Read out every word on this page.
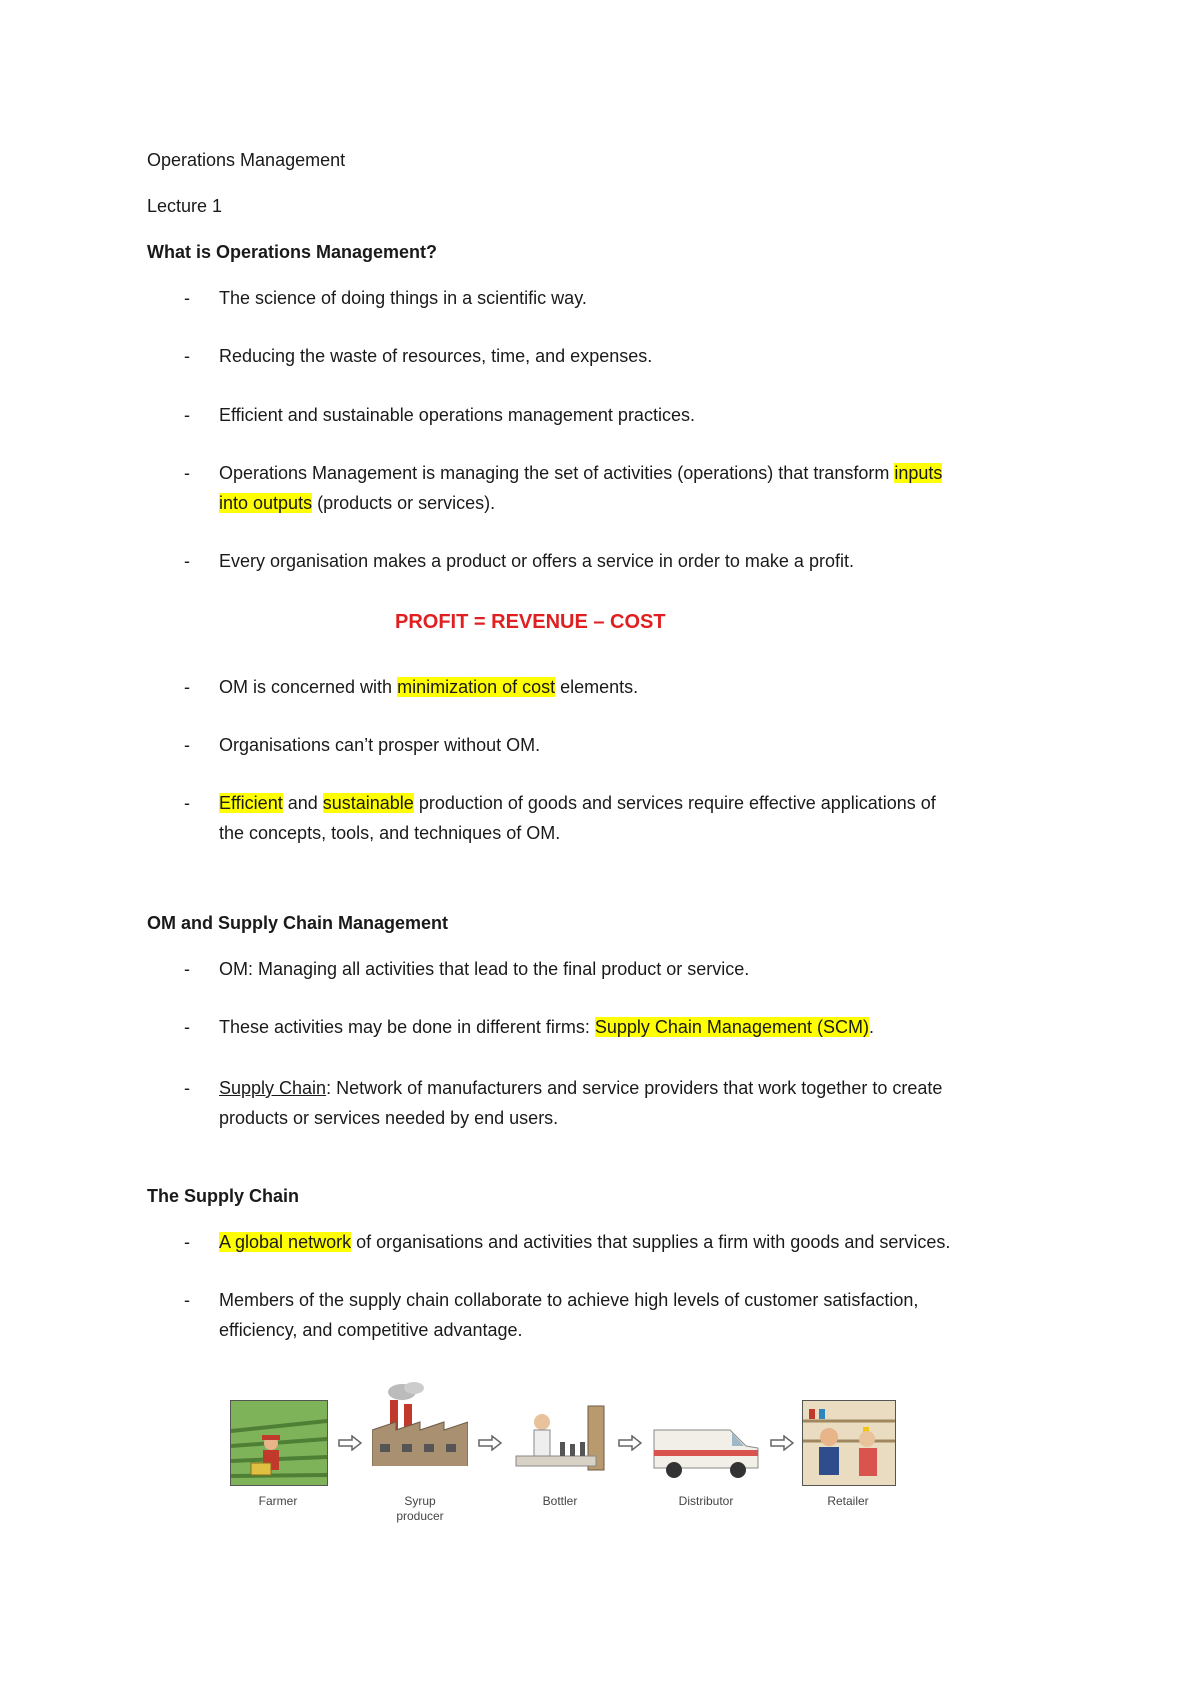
Operations Management
Lecture 1
What is Operations Management?
- The science of doing things in a scientific way.
- Reducing the waste of resources, time, and expenses.
- Efficient and sustainable operations management practices.
- Operations Management is managing the set of activities (operations) that transform inputs
into outputs (products or services).
- Every organisation makes a product or offers a service in order to make a profit.
PROFIT = REVENUE – COST
- OM is concerned with minimization of cost elements.
- Organisations can’t prosper without OM.
- Efficient and sustainable production of goods and services require effective applications of
the concepts, tools, and techniques of OM.
OM and Supply Chain Management
- OM: Managing all activities that lead to the final product or service.
- These activities may be done in different firms: Supply Chain Management (SCM).
- Supply Chain: Network of manufacturers and service providers that work together to create
products or services needed by end users.
The Supply Chain
- A global network of organisations and activities that supplies a firm with goods and services.
- Members of the supply chain collaborate to achieve high levels of customer satisfaction,
efficiency, and competitive advantage.
Farmer	Syrup
producer
Bottler	Distributor	Retailer
